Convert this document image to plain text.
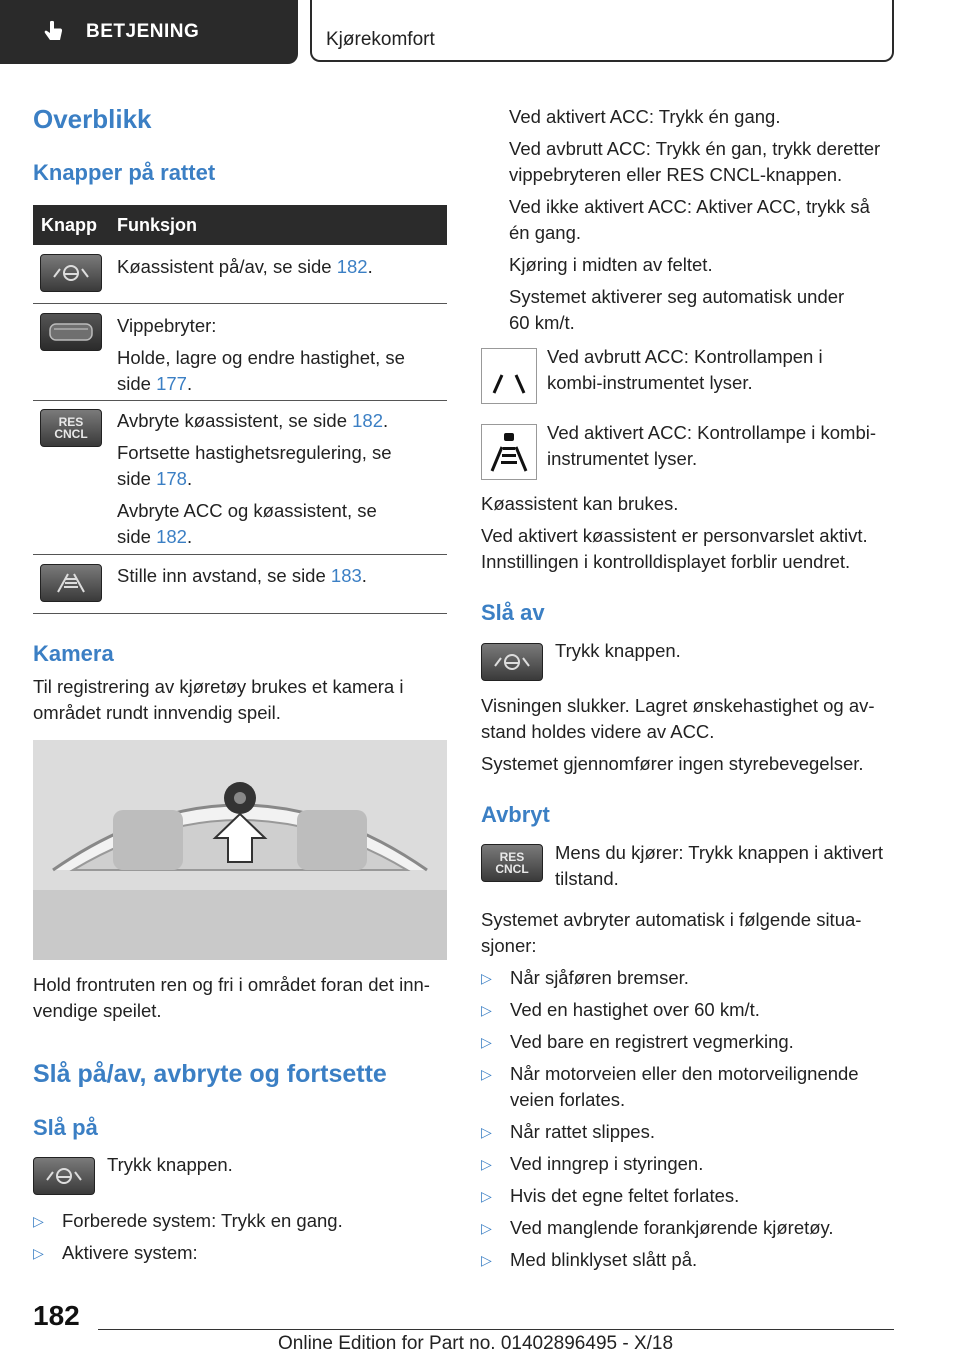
BETJENING	Kjørekomfort
Overblikk
Knapper på rattet
Knapp Funksjon
Køassistent på/av, se side 182.
Vippebryter:
Holde, lagre og endre hastighet, se
side 177.
RES
CNCL
Avbryte køassistent, se side 182.
Fortsette hastighetsregulering, se
side 178.
Avbryte ACC og køassistent, se
side 182.
Stille inn avstand, se side 183.
Kamera
Til registrering av kjøretøy brukes et kamera i
området rundt innvendig speil.
Hold frontruten ren og fri i området foran det inn-
vendige speilet.
Slå på/av, avbryte og fortsette
Slå på
Trykk knappen.
▷ Forberede system: Trykk en gang.
▷ Aktivere system:
Ved aktivert ACC: Trykk én gang.
Ved avbrutt ACC: Trykk én gan, trykk deretter
vippebryteren eller RES CNCL-knappen.
Ved ikke aktivert ACC: Aktiver ACC, trykk så
én gang.
Kjøring i midten av feltet.
Systemet aktiverer seg automatisk under
60 km/t.
Ved avbrutt ACC: Kontrollampen i
kombi-instrumentet lyser.
Ved aktivert ACC: Kontrollampe i kombi-
instrumentet lyser.
Køassistent kan brukes.
Ved aktivert køassistent er personvarslet aktivt.
Innstillingen i kontrolldisplayet forblir uendret.
Slå av
Trykk knappen.
Visningen slukker. Lagret ønskehastighet og av-
stand holdes videre av ACC.
Systemet gjennomfører ingen styrebevegelser.
Avbryt
RES
CNCL
Mens du kjører: Trykk knappen i aktivert
tilstand.
Systemet avbryter automatisk i følgende situa-
sjoner:
▷ Når sjåføren bremser.
▷ Ved en hastighet over 60 km/t.
▷ Ved bare en registrert vegmerking.
▷ Når motorveien eller den motorveilignende
veien forlates.
▷ Når rattet slippes.
▷ Ved inngrep i styringen.
▷ Hvis det egne feltet forlates.
▷ Ved manglende forankjørende kjøretøy.
▷ Med blinklyset slått på.
182
Online Edition for Part no. 01402896495 - X/18
